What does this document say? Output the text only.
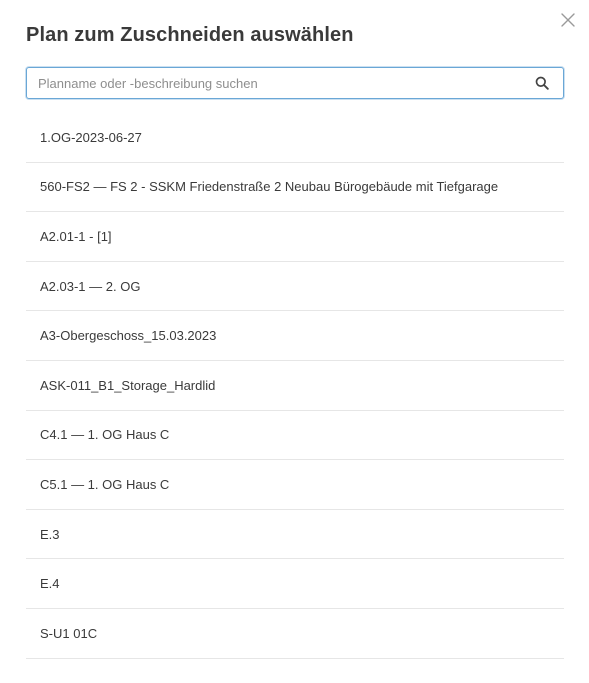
Plan zum Zuschneiden auswählen
Planname oder -beschreibung suchen
1.OG-2023-06-27
560-FS2 — FS 2 - SSKM Friedenstraße 2 Neubau Bürogebäude mit Tiefgarage
A2.01-1 - [1]
A2.03-1 — 2. OG
A3-Obergeschoss_15.03.2023
ASK-011_B1_Storage_Hardlid
C4.1 — 1. OG Haus C
C5.1 — 1. OG Haus C
E.3
E.4
S-U1 01C
